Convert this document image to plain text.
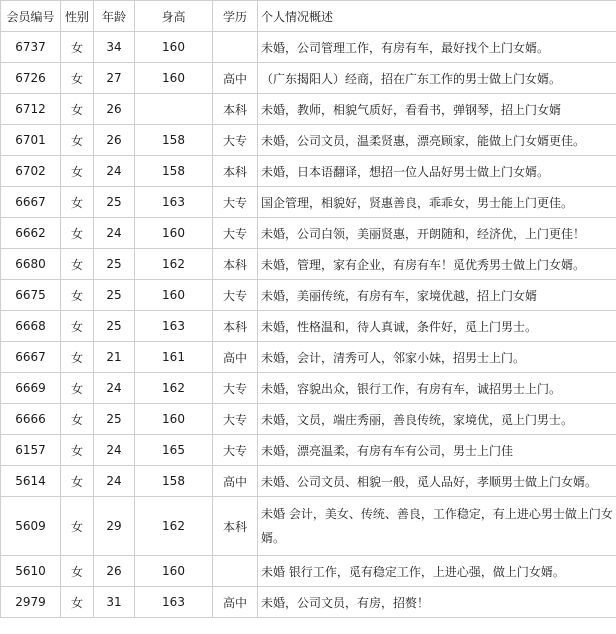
会员编号	性别	年龄	身高	学历	个人情况概述
6737	女	34	160		未婚，公司管理工作，有房有车，最好找个上门女婿。
6726	女	27	160	高中	（广东揭阳人）经商，招在广东工作的男士做上门女婿。
6712	女	26		本科	未婚，教师，相貌气质好，看看书，弹钢琴，招上门女婿
6701	女	26	158	大专	未婚，公司文员，温柔贤惠，漂亮顾家，能做上门女婿更佳。
6702	女	24	158	本科	未婚，日本语翻译，想招一位人品好男士做上门女婿。
6667	女	25	163	大专	国企管理，相貌好，贤惠善良，乖乖女，男士能上门更佳。
6662	女	24	160	大专	未婚，公司白领，美丽贤惠，开朗随和，经济优，上门更佳！
6680	女	25	162	本科	未婚，管理，家有企业，有房有车！觅优秀男士做上门女婿。
6675	女	25	160	大专	未婚，美丽传统，有房有车，家境优越，招上门女婿
6668	女	25	163	本科	未婚，性格温和，待人真诚，条件好，觅上门男士。
6667	女	21	161	高中	未婚，会计，清秀可人，邻家小妹，招男士上门。
6669	女	24	162	大专	未婚，容貌出众，银行工作，有房有车，诚招男士上门。
6666	女	25	160	大专	未婚，文员，端庄秀丽，善良传统，家境优，觅上门男士。
6157	女	24	165	大专	未婚，漂亮温柔，有房有车有公司，男士上门佳
5614	女	24	158	高中	未婚、公司文员、相貌一般，觅人品好，孝顺男士做上门女婿。
5609	女	29	162	本科	未婚 会计，美女、传统、善良，工作稳定，有上进心男士做上门女婿。
5610	女	26	160		未婚 银行工作，觅有稳定工作，上进心强，做上门女婿。
2979	女	31	163	高中	未婚，公司文员，有房，招赘！
